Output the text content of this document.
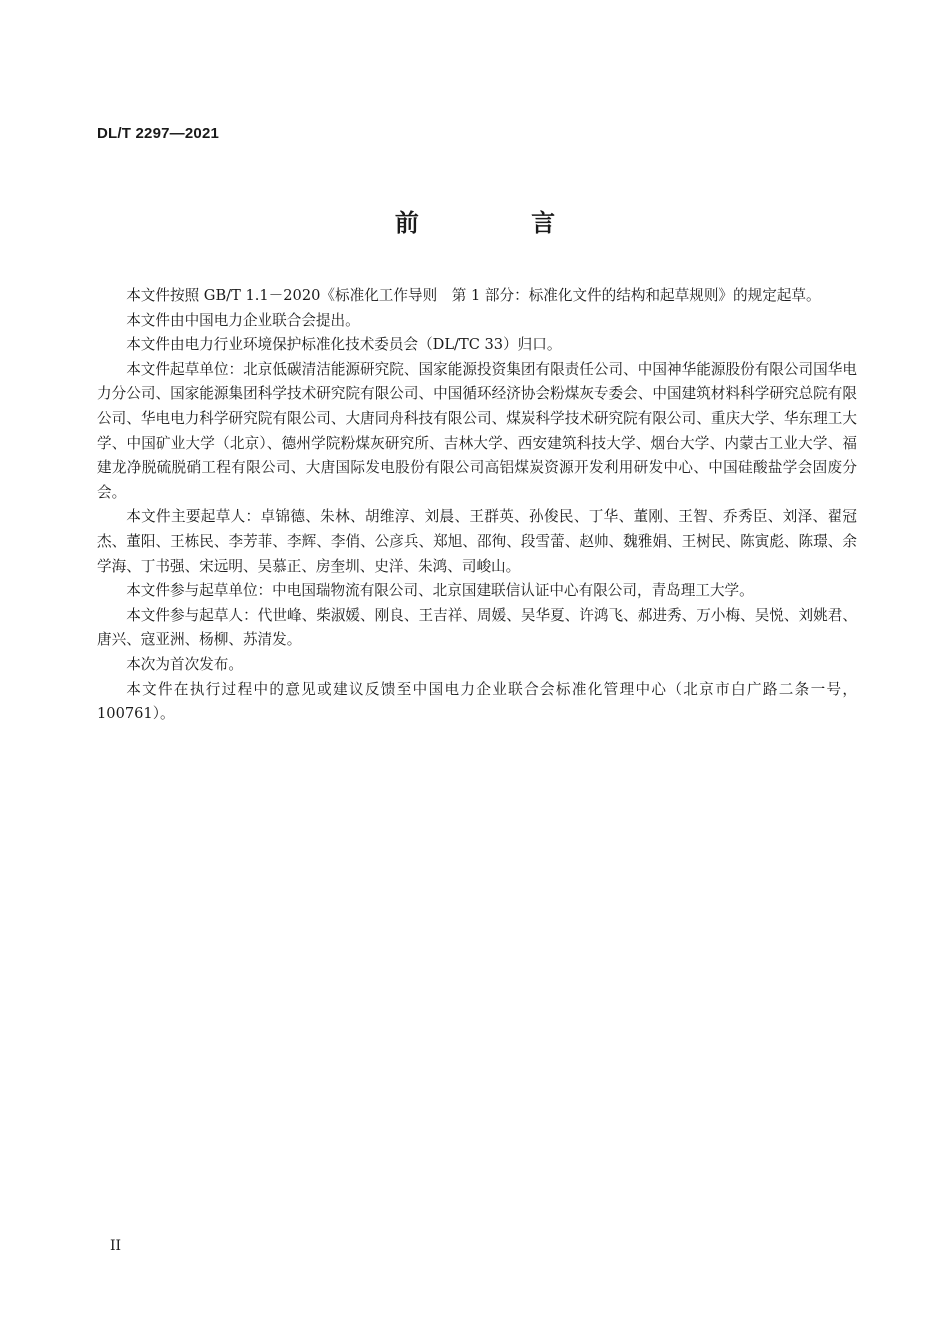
DL/T 2297—2021
前 言

本文件按照 GB/T 1.1－2020《标准化工作导则　第 1 部分：标准化文件的结构和起草规则》的规定起草。

本文件由中国电力企业联合会提出。

本文件由电力行业环境保护标准化技术委员会（DL/TC 33）归口。

本文件起草单位：北京低碳清洁能源研究院、国家能源投资集团有限责任公司、中国神华能源股份有限公司国华电力分公司、国家能源集团科学技术研究院有限公司、中国循环经济协会粉煤灰专委会、中国建筑材料科学研究总院有限公司、华电电力科学研究院有限公司、大唐同舟科技有限公司、煤炭科学技术研究院有限公司、重庆大学、华东理工大学、中国矿业大学（北京）、德州学院粉煤灰研究所、吉林大学、西安建筑科技大学、烟台大学、内蒙古工业大学、福建龙净脱硫脱硝工程有限公司、大唐国际发电股份有限公司高铝煤炭资源开发利用研发中心、中国硅酸盐学会固废分会。

本文件主要起草人：卓锦德、朱林、胡维淳、刘晨、王群英、孙俊民、丁华、董刚、王智、乔秀臣、刘泽、翟冠杰、董阳、王栋民、李芳菲、李辉、李俏、公彦兵、郑旭、邵徇、段雪蕾、赵帅、魏雅娟、王树民、陈寅彪、陈璟、余学海、丁书强、宋远明、吴慕正、房奎圳、史洋、朱鸿、司峻山。

本文件参与起草单位：中电国瑞物流有限公司、北京国建联信认证中心有限公司，青岛理工大学。

本文件参与起草人：代世峰、柴淑媛、刚良、王吉祥、周媛、吴华夏、许鸿飞、郝进秀、万小梅、吴悦、刘姚君、唐兴、寇亚洲、杨柳、苏清发。

本次为首次发布。

本文件在执行过程中的意见或建议反馈至中国电力企业联合会标准化管理中心（北京市白广路二条一号，100761）。

II
